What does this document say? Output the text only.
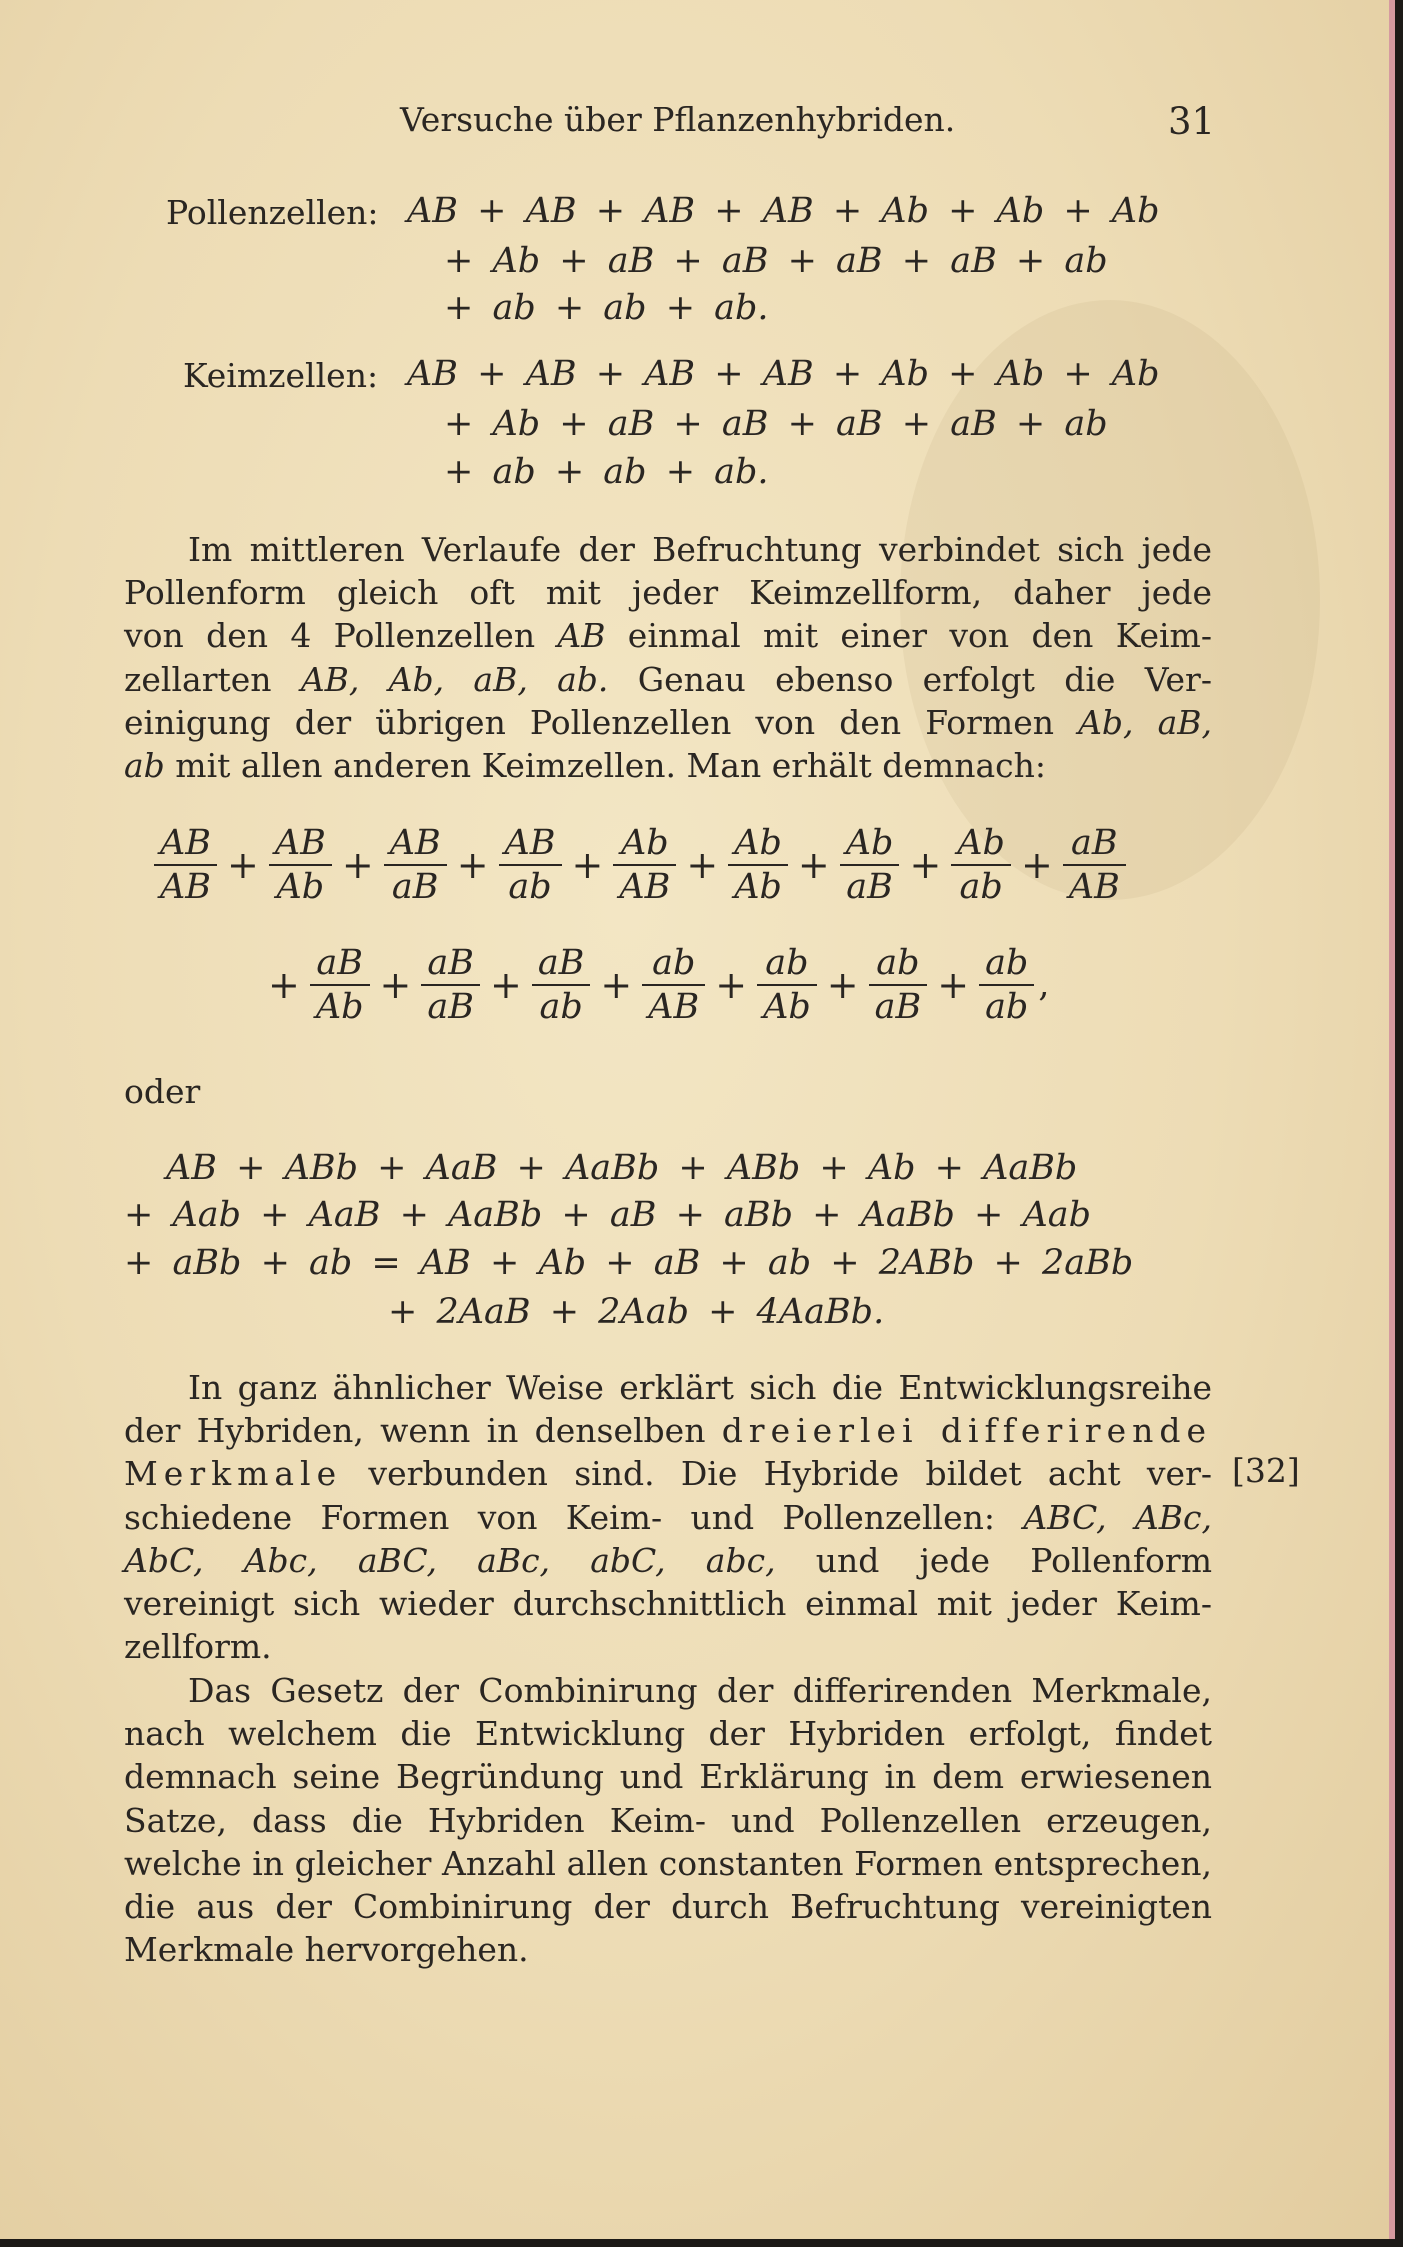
Versuche über Pflanzenhybriden.	31
Pollenzellen: AB + AB + AB + AB + Ab + Ab + Ab
+ Ab + aB + aB + aB + aB + ab
+ ab + ab + ab.
Keimzellen: AB + AB + AB + AB + Ab + Ab + Ab
+ Ab + aB + aB + aB + aB + ab
+ ab + ab + ab.
Im mittleren Verlaufe der Befruchtung verbindet sich jede
Pollenform gleich oft mit jeder Keimzellform, daher jede
von den 4 Pollenzellen AB einmal mit einer von den Keim-
zellarten AB, Ab, aB, ab. Genau ebenso erfolgt die Ver-
einigung der übrigen Pollenzellen von den Formen Ab, aB,
ab mit allen anderen Keimzellen. Man erhält demnach:
$\frac{AB}{AB} + \frac{AB}{Ab} + \frac{AB}{aB} + \frac{AB}{ab} + \frac{Ab}{AB} + \frac{Ab}{Ab} + \frac{Ab}{aB} + \frac{Ab}{ab} + \frac{aB}{AB}$
+ $\frac{aB}{Ab} + \frac{aB}{aB} + \frac{aB}{ab} + \frac{ab}{AB} + \frac{ab}{Ab} + \frac{ab}{aB} + \frac{ab}{ab}$ ,
oder
AB + ABb + AaB + AaBb + ABb + Ab + AaBb
+ Aab + AaB + AaBb + aB + aBb + AaBb + Aab
+ aBb + ab = AB + Ab + aB + ab + 2ABb + 2aBb
+ 2AaB + 2Aab + 4AaBb.
In ganz ähnlicher Weise erklärt sich die Entwicklungsreihe
der Hybriden, wenn in denselben dreierlei differirende
Merkmale verbunden sind. Die Hybride bildet acht ver-
schiedene Formen von Keim- und Pollenzellen: ABC, ABc,
AbC, Abc, aBC, aBc, abC, abc, und jede Pollenform
vereinigt sich wieder durchschnittlich einmal mit jeder Keim-
zellform.
[32]
Das Gesetz der Combinirung der differirenden Merkmale,
nach welchem die Entwicklung der Hybriden erfolgt, findet
demnach seine Begründung und Erklärung in dem erwiesenen
Satze, dass die Hybriden Keim- und Pollenzellen erzeugen,
welche in gleicher Anzahl allen constanten Formen entsprechen,
die aus der Combinirung der durch Befruchtung vereinigten
Merkmale hervorgehen.
